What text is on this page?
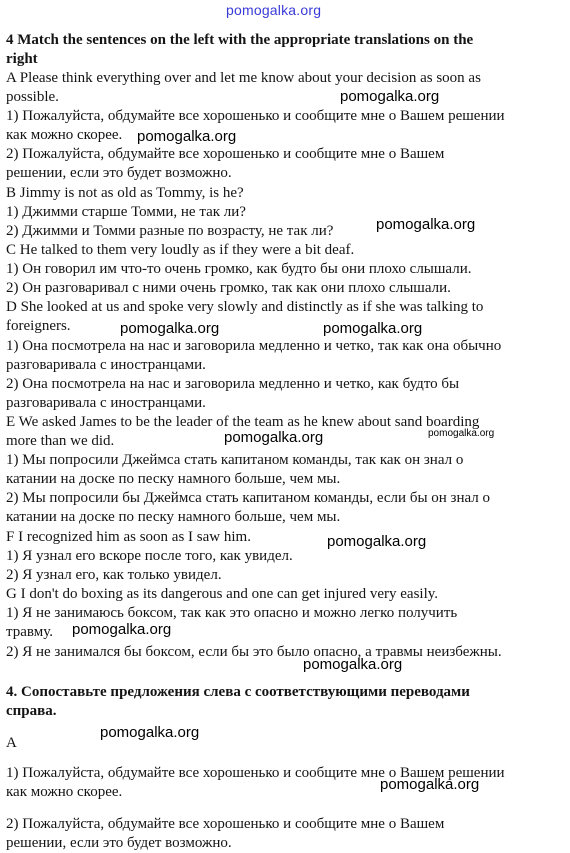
pomogalka.org
pomogalka.org
pomogalka.org
pomogalka.org
pomogalka.org	pomogalka.org
pomogalka.org	pomogalka.org
pomogalka.org
pomogalka.org
pomogalka.org
pomogalka.org
pomogalka.org
4 Match the sentences on the left with the appropriate translations on the
right
A Please think everything over and let me know about your decision as soon as
possible.
1) Пожалуйста, обдумайте все хорошенько и сообщите мне о Вашем решении
как можно скорее.
2) Пожалуйста, обдумайте все хорошенько и сообщите мне о Вашем
решении, если это будет возможно.
B Jimmy is not as old as Tommy, is he?
1) Джимми старше Томми, не так ли?
2) Джимми и Томми разные по возрасту, не так ли?
C He talked to them very loudly as if they were a bit deaf.
1) Он говорил им что-то очень громко, как будто бы они плохо слышали.
2) Он разговаривал с ними очень громко, так как они плохо слышали.
D She looked at us and spoke very slowly and distinctly as if she was talking to
foreigners.
1) Она посмотрела на нас и заговорила медленно и четко, так как она обычно
разговаривала с иностранцами.
2) Она посмотрела на нас и заговорила медленно и четко, как будто бы
разговаривала с иностранцами.
E We asked James to be the leader of the team as he knew about sand boarding
more than we did.
1) Мы попросили Джеймса стать капитаном команды, так как он знал о
катании на доске по песку намного больше, чем мы.
2) Мы попросили бы Джеймса стать капитаном команды, если бы он знал о
катании на доске по песку намного больше, чем мы.
F I recognized him as soon as I saw him.
1) Я узнал его вскоре после того, как увидел.
2) Я узнал его, как только увидел.
G I don't do boxing as its dangerous and one can get injured very easily.
1) Я не занимаюсь боксом, так как это опасно и можно легко получить
травму.
2) Я не занимался бы боксом, если бы это было опасно, а травмы неизбежны.
4. Сопоставьте предложения слева с соответствующими переводами
справа.
A
1) Пожалуйста, обдумайте все хорошенько и сообщите мне о Вашем решении
как можно скорее.
2) Пожалуйста, обдумайте все хорошенько и сообщите мне о Вашем
решении, если это будет возможно.
